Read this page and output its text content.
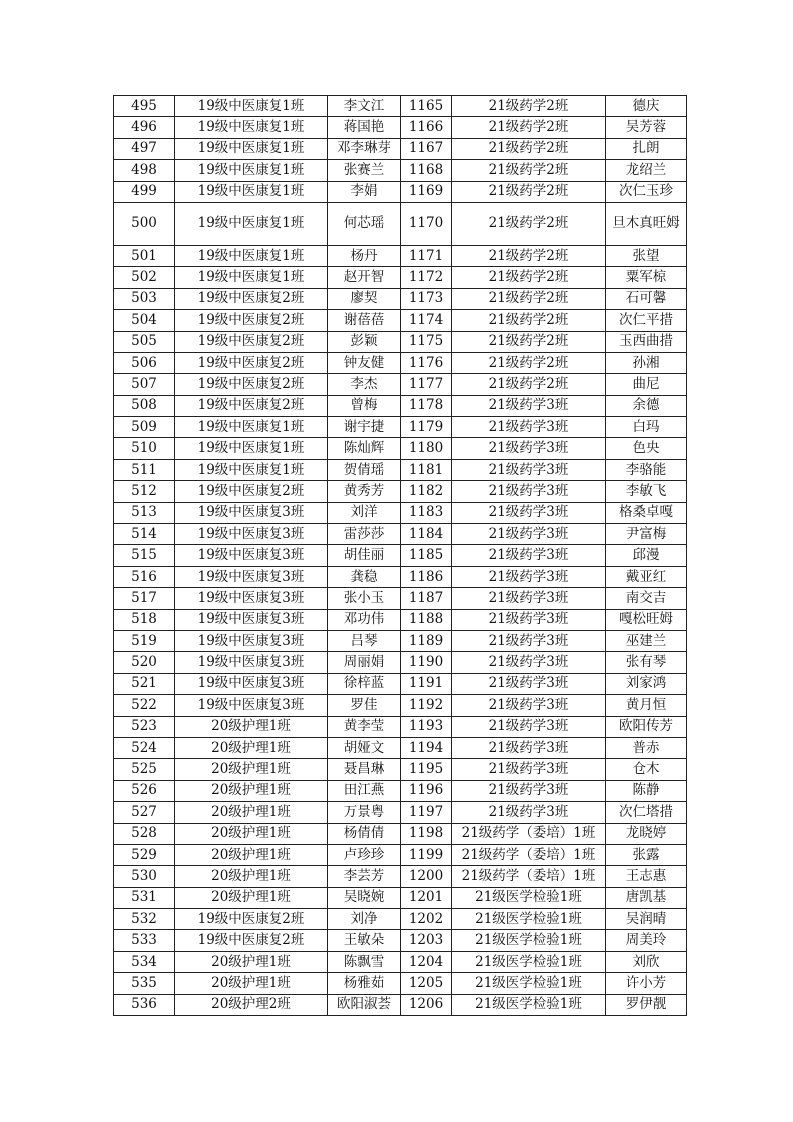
495	19级中医康复1班	李文江	1165	21级药学2班	德庆
496	19级中医康复1班	蒋国艳	1166	21级药学2班	吴芳蓉
497	19级中医康复1班	邓李琳芽	1167	21级药学2班	扎朗
498	19级中医康复1班	张赛兰	1168	21级药学2班	龙绍兰
499	19级中医康复1班	李娟	1169	21级药学2班	次仁玉珍
500	19级中医康复1班	何芯瑶	1170	21级药学2班	旦木真旺姆
501	19级中医康复1班	杨丹	1171	21级药学2班	张望
502	19级中医康复1班	赵开智	1172	21级药学2班	粟军椋
503	19级中医康复2班	廖契	1173	21级药学2班	石可馨
504	19级中医康复2班	谢蓓蓓	1174	21级药学2班	次仁平措
505	19级中医康复2班	彭颖	1175	21级药学2班	玉西曲措
506	19级中医康复2班	钟友健	1176	21级药学2班	孙湘
507	19级中医康复2班	李杰	1177	21级药学2班	曲尼
508	19级中医康复2班	曾梅	1178	21级药学3班	余德
509	19级中医康复1班	谢宇捷	1179	21级药学3班	白玛
510	19级中医康复1班	陈灿辉	1180	21级药学3班	色央
511	19级中医康复1班	贺倩瑶	1181	21级药学3班	李骆能
512	19级中医康复2班	黄秀芳	1182	21级药学3班	李敏飞
513	19级中医康复3班	刘洋	1183	21级药学3班	格桑卓嘎
514	19级中医康复3班	雷莎莎	1184	21级药学3班	尹富梅
515	19级中医康复3班	胡佳丽	1185	21级药学3班	邱漫
516	19级中医康复3班	龚稳	1186	21级药学3班	戴亚红
517	19级中医康复3班	张小玉	1187	21级药学3班	南交吉
518	19级中医康复3班	邓功伟	1188	21级药学3班	嘎松旺姆
519	19级中医康复3班	吕琴	1189	21级药学3班	巫建兰
520	19级中医康复3班	周丽娟	1190	21级药学3班	张有琴
521	19级中医康复3班	徐梓蓝	1191	21级药学3班	刘家鸿
522	19级中医康复3班	罗佳	1192	21级药学3班	黄月恒
523	20级护理1班	黄李莹	1193	21级药学3班	欧阳传芳
524	20级护理1班	胡娅文	1194	21级药学3班	普赤
525	20级护理1班	聂昌琳	1195	21级药学3班	仓木
526	20级护理1班	田江燕	1196	21级药学3班	陈静
527	20级护理1班	万景粤	1197	21级药学3班	次仁塔措
528	20级护理1班	杨倩倩	1198	21级药学（委培）1班	龙晓婷
529	20级护理1班	卢珍珍	1199	21级药学（委培）1班	张露
530	20级护理1班	李芸芳	1200	21级药学（委培）1班	王志惠
531	20级护理1班	吴晓婉	1201	21级医学检验1班	唐凯基
532	19级中医康复2班	刘净	1202	21级医学检验1班	吴润晴
533	19级中医康复2班	王敏朵	1203	21级医学检验1班	周美玲
534	20级护理1班	陈飘雪	1204	21级医学检验1班	刘欣
535	20级护理1班	杨雅茹	1205	21级医学检验1班	许小芳
536	20级护理2班	欧阳淑荟	1206	21级医学检验1班	罗伊靓
